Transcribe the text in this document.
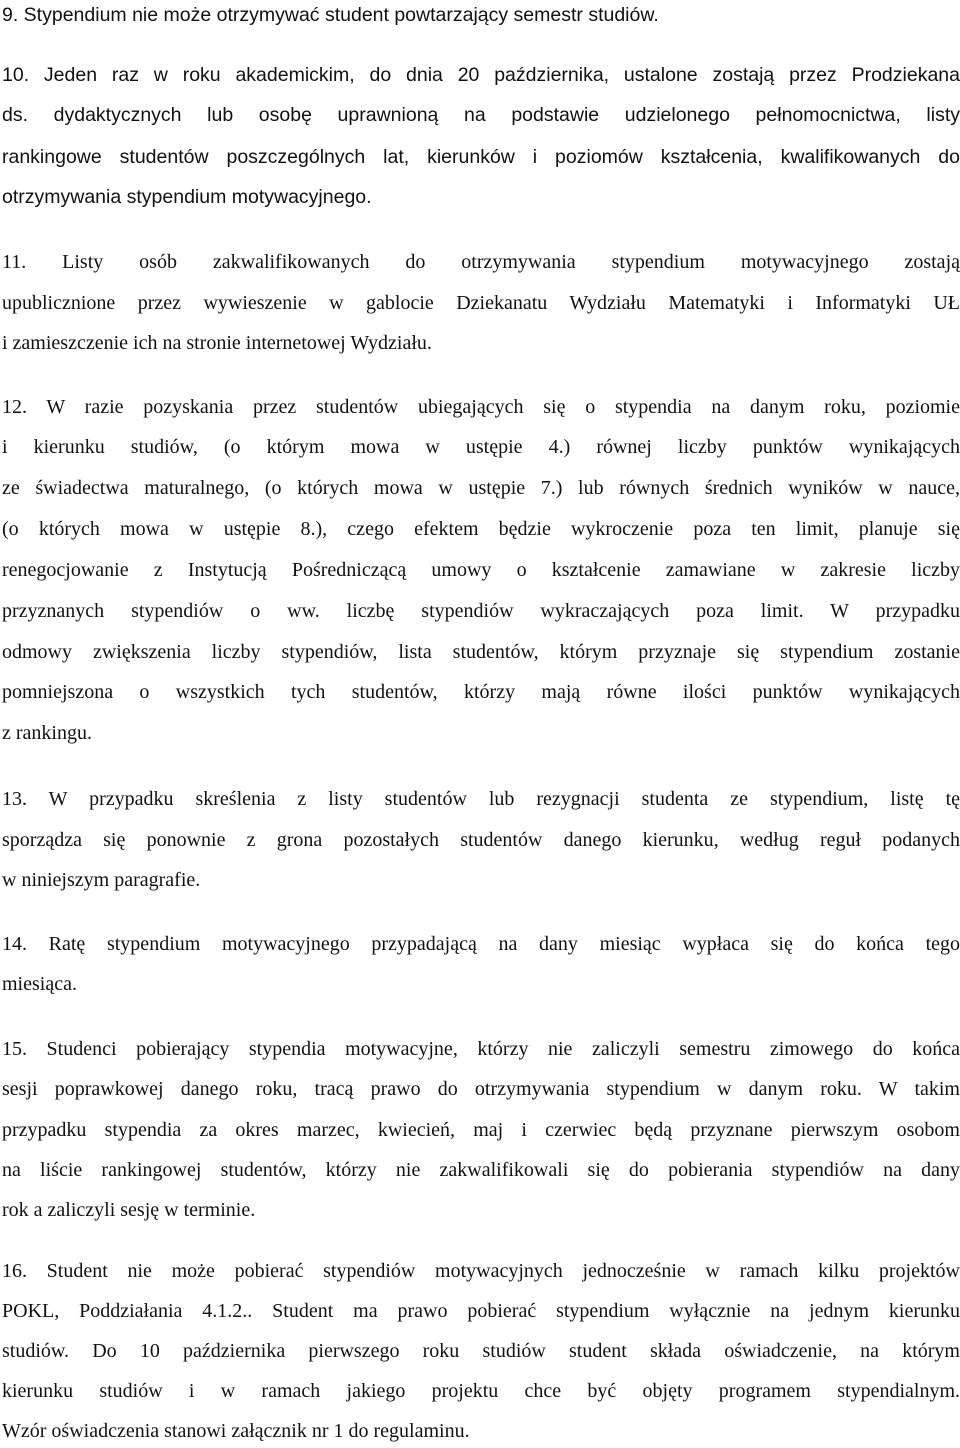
9. Stypendium nie może otrzymywać student powtarzający semestr studiów.
10. Jeden raz w roku akademickim, do dnia 20 października, ustalone zostają przez Prodziekana
ds. dydaktycznych lub osobę uprawnioną na podstawie udzielonego pełnomocnictwa, listy
rankingowe studentów poszczególnych lat, kierunków i poziomów kształcenia, kwalifikowanych do
otrzymywania stypendium motywacyjnego.
11. Listy osób zakwalifikowanych do otrzymywania stypendium motywacyjnego zostają
upublicznione przez wywieszenie w gablocie Dziekanatu Wydziału Matematyki i Informatyki UŁ
i zamieszczenie ich na stronie internetowej Wydziału.
12. W razie pozyskania przez studentów ubiegających się o stypendia na danym roku, poziomie
i kierunku studiów, (o którym mowa w ustępie 4.) równej liczby punktów wynikających
ze świadectwa maturalnego, (o których mowa w ustępie 7.) lub równych średnich wyników w nauce,
(o których mowa w ustępie 8.), czego efektem będzie wykroczenie poza ten limit, planuje się
renegocjowanie z Instytucją Pośredniczącą umowy o kształcenie zamawiane w zakresie liczby
przyznanych stypendiów o ww. liczbę stypendiów wykraczających poza limit. W przypadku
odmowy zwiększenia liczby stypendiów, lista studentów, którym przyznaje się stypendium zostanie
pomniejszona o wszystkich tych studentów, którzy mają równe ilości punktów wynikających
z rankingu.
13. W przypadku skreślenia z listy studentów lub rezygnacji studenta ze stypendium, listę tę
sporządza się ponownie z grona pozostałych studentów danego kierunku, według reguł podanych
w niniejszym paragrafie.
14. Ratę stypendium motywacyjnego przypadającą na dany miesiąc wypłaca się do końca tego
miesiąca.
15. Studenci pobierający stypendia motywacyjne, którzy nie zaliczyli semestru zimowego do końca
sesji poprawkowej danego roku, tracą prawo do otrzymywania stypendium w danym roku. W takim
przypadku stypendia za okres marzec, kwiecień, maj i czerwiec będą przyznane pierwszym osobom
na liście rankingowej studentów, którzy nie zakwalifikowali się do pobierania stypendiów na dany
rok a zaliczyli sesję w terminie.
16. Student nie może pobierać stypendiów motywacyjnych jednocześnie w ramach kilku projektów
POKL, Poddziałania 4.1.2.. Student ma prawo pobierać stypendium wyłącznie na jednym kierunku
studiów. Do 10 października pierwszego roku studiów student składa oświadczenie, na którym
kierunku studiów i w ramach jakiego projektu chce być objęty programem stypendialnym.
Wzór oświadczenia stanowi załącznik nr 1 do regulaminu.
